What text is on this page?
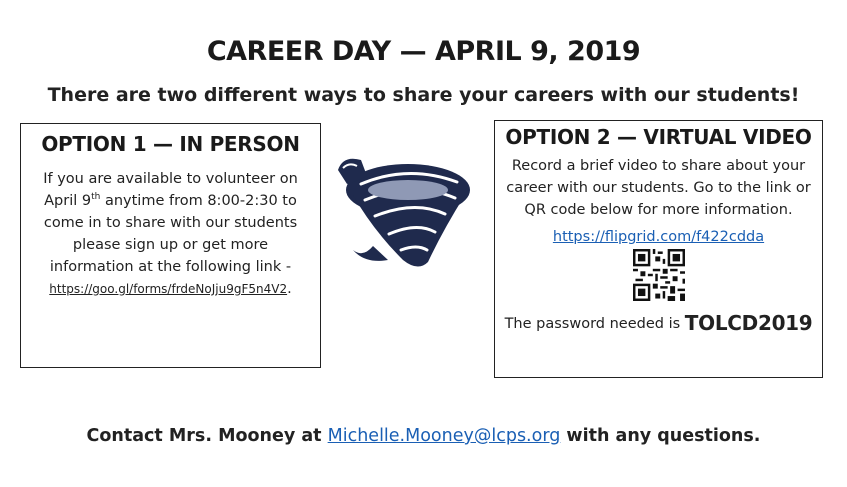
CAREER DAY — APRIL 9, 2019

There are two different ways to share your careers with our students!

OPTION 1 — IN PERSON
If you are available to volunteer on April 9th anytime from 8:00-2:30 to come in to share with our students please sign up or get more information at the following link - https://goo.gl/forms/frdeNoJju9gF5n4V2.
OPTION 2 — VIRTUAL VIDEO
Record a brief video to share about your career with our students. Go to the link or QR code below for more information.
https://flipgrid.com/f422cdda
The password needed is TOLCD2019

Contact Mrs. Mooney at Michelle.Mooney@lcps.org with any questions.
